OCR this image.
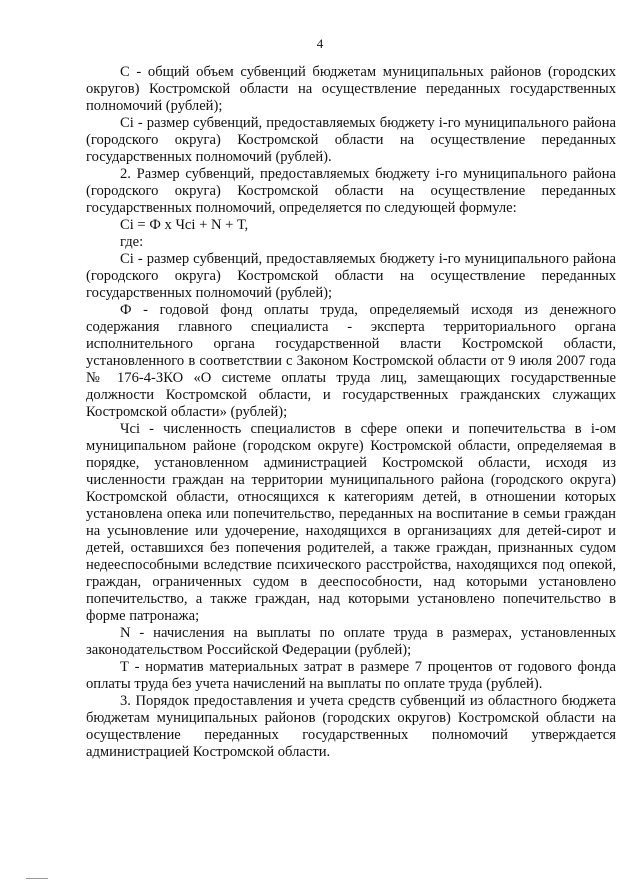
4

С - общий объем субвенций бюджетам муниципальных районов (городских округов) Костромской области на осуществление переданных государственных полномочий (рублей);

Сi - размер субвенций, предоставляемых бюджету i-го муниципального района (городского округа) Костромской области на осуществление переданных государственных полномочий (рублей).

2. Размер субвенций, предоставляемых бюджету i-го муниципального района (городского округа) Костромской области на осуществление переданных государственных полномочий, определяется по следующей формуле:

Сi = Ф х Чсi + N + Т,

где:

Сi - размер субвенций, предоставляемых бюджету i-го муниципального района (городского округа) Костромской области на осуществление переданных государственных полномочий (рублей);

Ф - годовой фонд оплаты труда, определяемый исходя из денежного содержания главного специалиста - эксперта территориального органа исполнительного органа государственной власти Костромской области, установленного в соответствии с Законом Костромской области от 9 июля 2007 года № 176-4-ЗКО «О системе оплаты труда лиц, замещающих государственные должности Костромской области, и государственных гражданских служащих Костромской области» (рублей);

Чсi - численность специалистов в сфере опеки и попечительства в i-ом муниципальном районе (городском округе) Костромской области, определяемая в порядке, установленном администрацией Костромской области, исходя из численности граждан на территории муниципального района (городского округа) Костромской области, относящихся к категориям детей, в отношении которых установлена опека или попечительство, переданных на воспитание в семьи граждан на усыновление или удочерение, находящихся в организациях для детей-сирот и детей, оставшихся без попечения родителей, а также граждан, признанных судом недееспособными вследствие психического расстройства, находящихся под опекой, граждан, ограниченных судом в дееспособности, над которыми установлено попечительство, а также граждан, над которыми установлено попечительство в форме патронажа;

N - начисления на выплаты по оплате труда в размерах, установленных законодательством Российской Федерации (рублей);

Т - норматив материальных затрат в размере 7 процентов от годового фонда оплаты труда без учета начислений на выплаты по оплате труда (рублей).

3. Порядок предоставления и учета средств субвенций из областного бюджета бюджетам муниципальных районов (городских округов) Костромской области на осуществление переданных государственных полномочий утверждается администрацией Костромской области.
